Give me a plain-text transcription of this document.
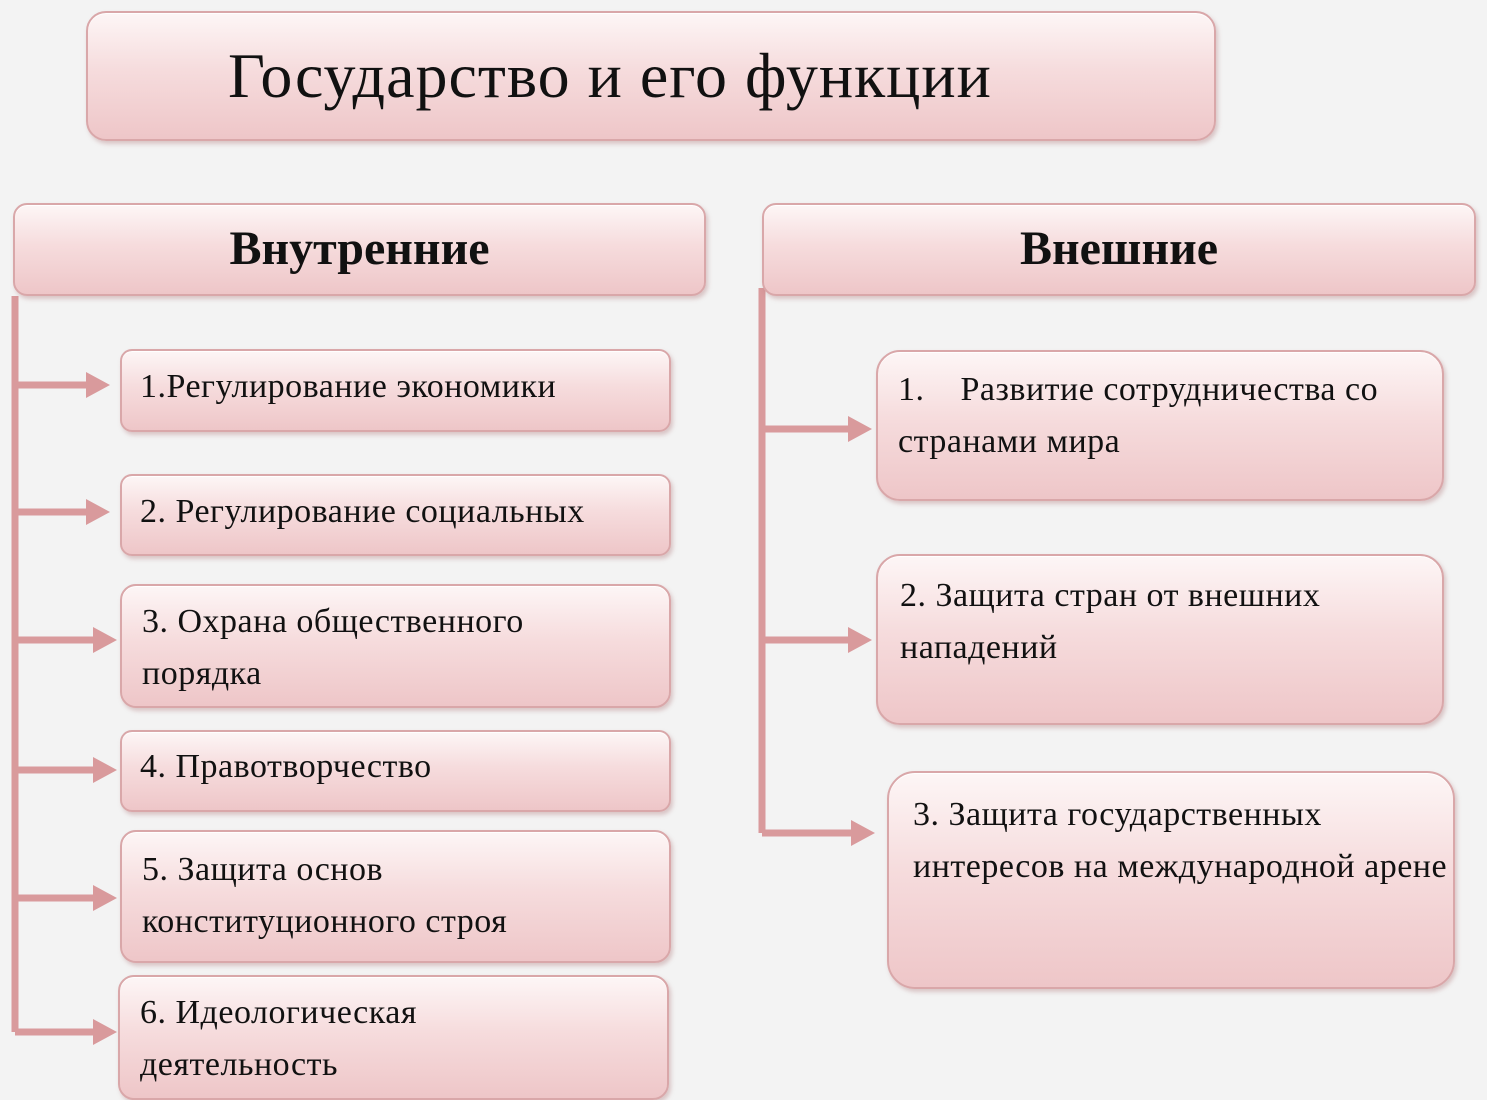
Государство и его функции
Внутренние	Внешние
1.Регулирование экономики
2. Регулирование социальных
3. Охрана общественного порядка
4. Правотворчество
5. Защита основ конституционного строя
6. Идеологическая деятельность
1.    Развитие сотрудничества со странами мира
2. Защита стран от внешних нападений
3. Защита государственных интересов на международной арене
